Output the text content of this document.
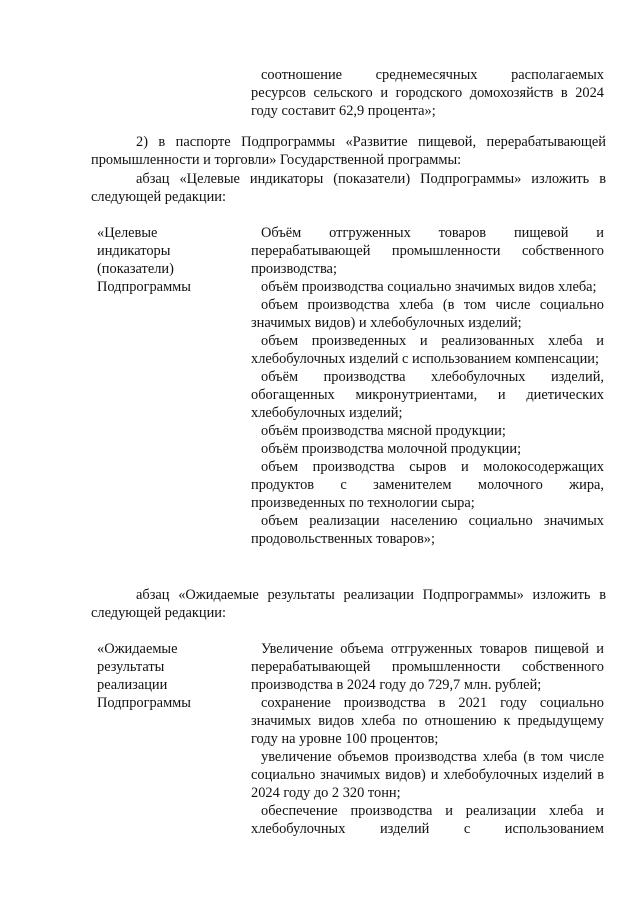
соотношение среднемесячных располагаемых
ресурсов сельского и городского домохозяйств в 2024
году составит 62,9 процента»;
2) в паспорте Подпрограммы «Развитие пищевой, перерабатывающей
промышленности и торговли» Государственной программы:
абзац «Целевые индикаторы (показатели) Подпрограммы» изложить в
следующей редакции:
«Целевые
индикаторы
(показатели)
Подпрограммы
Объём отгруженных товаров пищевой и перерабатывающей промышленности собственного производства;
объём производства социально значимых видов хлеба;
объем производства хлеба (в том числе социально значимых видов) и хлебобулочных изделий;
объем произведенных и реализованных хлеба и хлебобулочных изделий с использованием компенсации;
объём производства хлебобулочных изделий, обогащенных микронутриентами, и диетических хлебобулочных изделий;
объём производства мясной продукции;
объём производства молочной продукции;
объем производства сыров и молокосодержащих продуктов с заменителем молочного жира, произведенных по технологии сыра;
объем реализации населению социально значимых продовольственных товаров»;
абзац «Ожидаемые результаты реализации Подпрограммы» изложить в
следующей редакции:
«Ожидаемые
результаты
реализации
Подпрограммы
Увеличение объема отгруженных товаров пищевой и перерабатывающей промышленности собственного производства в 2024 году до 729,7 млн. рублей;
сохранение производства в 2021 году социально значимых видов хлеба по отношению к предыдущему году на уровне 100 процентов;
увеличение объемов производства хлеба (в том числе социально значимых видов) и хлебобулочных изделий в 2024 году до 2 320 тонн;
обеспечение производства и реализации хлеба и хлебобулочных изделий с использованием
